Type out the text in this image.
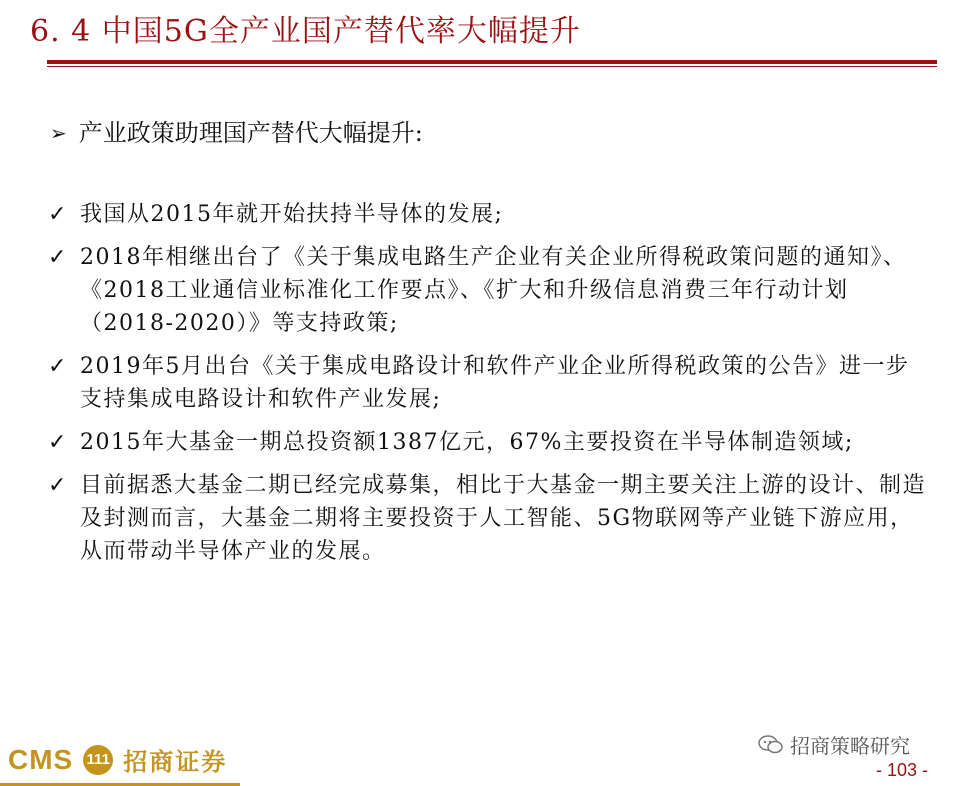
6. 4 中国5G全产业国产替代率大幅提升
➢ 产业政策助理国产替代大幅提升:
✓ 我国从2015年就开始扶持半导体的发展;
✓ 2018年相继出台了《关于集成电路生产企业有关企业所得税政策问题的通知》、《2018工业通信业标准化工作要点》、《扩大和升级信息消费三年行动计划（2018-2020）》等支持政策;
✓ 2019年5月出台《关于集成电路设计和软件产业企业所得税政策的公告》进一步支持集成电路设计和软件产业发展;
✓ 2015年大基金一期总投资额1387亿元，67%主要投资在半导体制造领域;
✓ 目前据悉大基金二期已经完成募集，相比于大基金一期主要关注上游的设计、制造及封测而言，大基金二期将主要投资于人工智能、5G物联网等产业链下游应用，从而带动半导体产业的发展。
CMS 111 招商证券
招商策略研究
- 103 -
